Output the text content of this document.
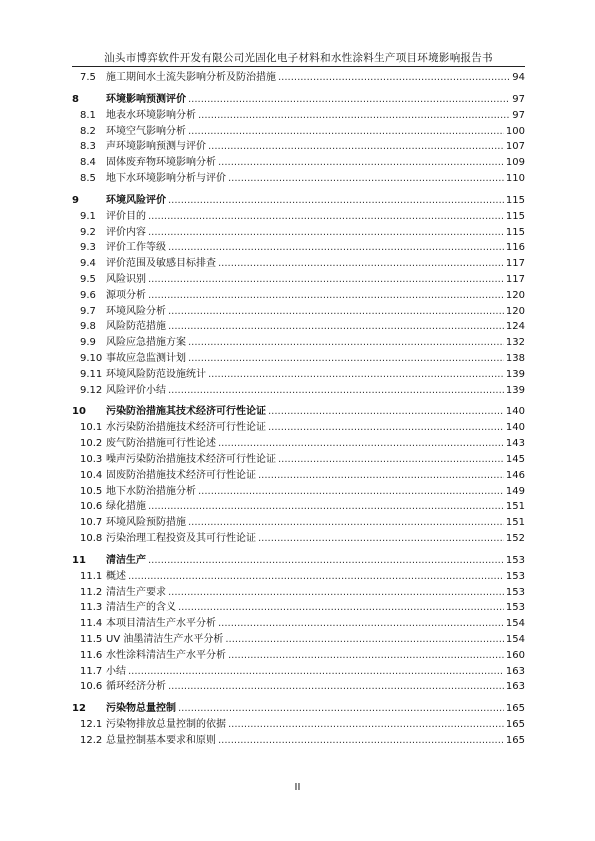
汕头市博弈软件开发有限公司光固化电子材料和水性涂料生产项目环境影响报告书
7.5	施工期间水土流失影响分析及防治措施 .....	94
8	环境影响预测评价 .....	97
8.1	地表水环境影响分析 .....	97
8.2	环境空气影响分析 .....	100
8.3	声环境影响预测与评价 .....	107
8.4	固体废弃物环境影响分析 .....	109
8.5	地下水环境影响分析与评价 .....	110
9	环境风险评价 .....	115
9.1	评价目的 .....	115
9.2	评价内容 .....	115
9.3	评价工作等级 .....	116
9.4	评价范围及敏感目标排查 .....	117
9.5	风险识别 .....	117
9.6	源项分析 .....	120
9.7	环境风险分析 .....	120
9.8	风险防范措施 .....	124
9.9	风险应急措施方案 .....	132
9.10 事故应急监测计划 .....	138
9.11 环境风险防范设施统计 .....	139
9.12 风险评价小结 .....	139
10	污染防治措施其技术经济可行性论证 .....	140
10.1 水污染防治措施技术经济可行性论证 .....	140
10.2 废气防治措施可行性论述 .....	143
10.3 噪声污染防治措施技术经济可行性论证 .....	145
10.4 固废防治措施技术经济可行性论证 .....	146
10.5 地下水防治措施分析 .....	149
10.6 绿化措施 .....	151
10.7 环境风险预防措施 .....	151
10.8 污染治理工程投资及其可行性论证 .....	152
11	清洁生产 .....	153
11.1 概述 .....	153
11.2 清洁生产要求 .....	153
11.3 清洁生产的含义 .....	153
11.4 本项目清洁生产水平分析 .....	154
11.5 UV 油墨清洁生产水平分析 .....	154
11.6 水性涂料清洁生产水平分析 .....	160
11.7 小结 .....	163
10.6 循环经济分析 .....	163
12	污染物总量控制 .....	165
12.1 污染物排放总量控制的依据 .....	165
12.2 总量控制基本要求和原则 .....	165
II
